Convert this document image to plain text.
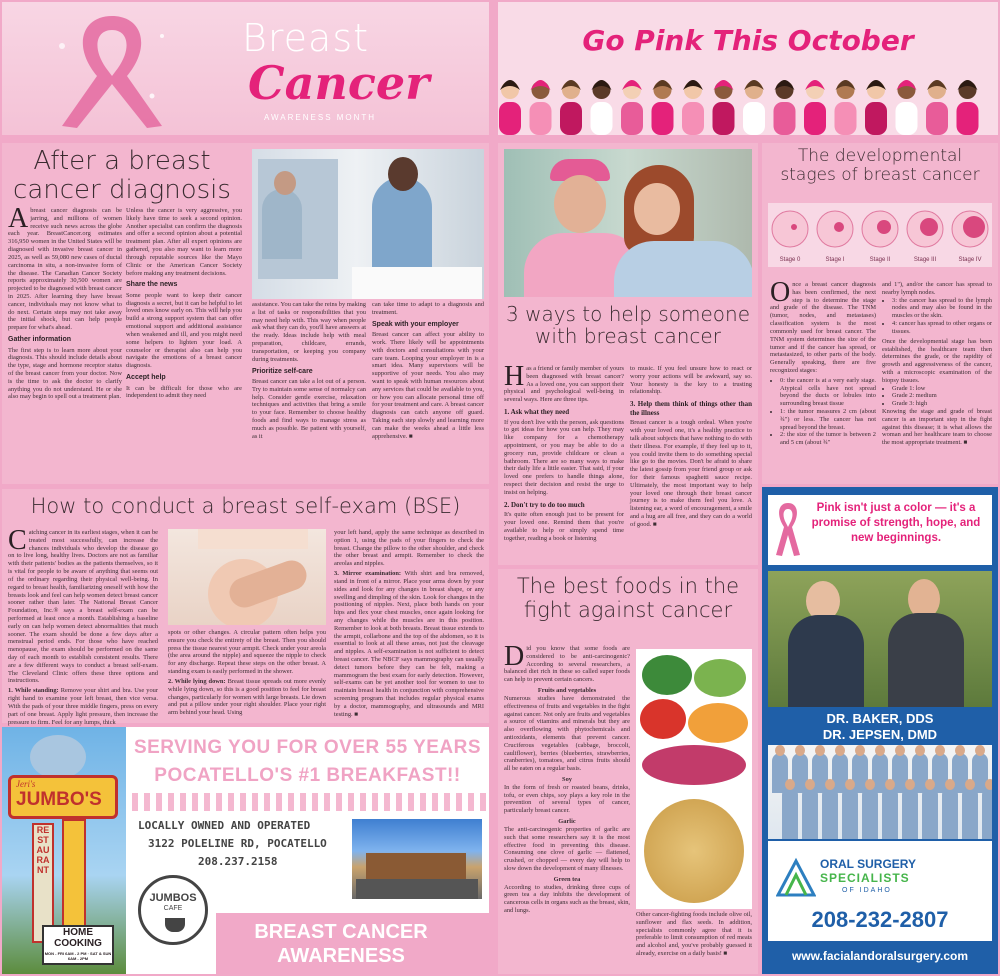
Breast
Cancer
AWARENESS MONTH
Go Pink This October
After a breast
cancer diagnosis
Abreast cancer diagnosis can be jarring, and millions of women receive such news across the globe each year. BreastCancer.org estimates 316,950 women in the United States will be diagnosed with invasive breast cancer in 2025, as well as 59,080 new cases of ductal carcinoma in situ, a non-invasive form of the disease. The Canadian Cancer Society reports approximately 30,500 women are projected to be diagnosed with breast cancer in 2025. After learning they have breast cancer, individuals may not know what to do next. Certain steps may not take away the initial shock, but can help people prepare for what's ahead.
Gather information
The first step is to learn more about your diagnosis. This should include details about the type, stage and hormone receptor status of the breast cancer from your doctor. Now is the time to ask the doctor to clarify anything you do not understand. He or she also may begin to spell out a treatment plan.
Unless the cancer is very aggressive, you likely have time to seek a second opinion. Another specialist can confirm the diagnosis and offer a second opinion about a potential treatment plan. After all expert opinions are gathered, you also may want to learn more through reputable sources like the Mayo Clinic or the American Cancer Society before making any treatment decisions.
Share the news
Some people want to keep their cancer diagnosis a secret, but it can be helpful to let loved ones know early on. This will help you build a strong support system that can offer emotional support and additional assistance when weakened and ill, and you might need some helpers to lighten your load. A counselor or therapist also can help you navigate the emotions of a breast cancer diagnosis.
Accept help
It can be difficult for those who are independent to admit they need
assistance. You can take the reins by making a list of tasks or responsibilities that you may need help with. This way when people ask what they can do, you'll have answers at the ready. Ideas include help with meal preparation, childcare, errands, transportation, or keeping you company during treatments.
Prioritize self-care
Breast cancer can take a lot out of a person. Try to maintain some sense of normalcy can help. Consider gentle exercise, relaxation techniques and activities that bring a smile to your face. Remember to choose healthy foods and find ways to manage stress as much as possible. Be patient with yourself, as it
can take time to adapt to a diagnosis and treatment.
Speak with your employer
Breast cancer can affect your ability to work. There likely will be appointments with doctors and consultations with your care team. Looping your employer in is a smart idea. Many supervisors will be supportive of your needs. You also may want to speak with human resources about any services that could be available to you, or how you can allocate personal time off for your treatment and care. A breast cancer diagnosis can catch anyone off guard. Taking each step slowly and learning more can make the weeks ahead a little less apprehensive. ■
3 ways to help someone
with breast cancer
Has a friend or family member of yours been diagnosed with breast cancer? As a loved one, you can support their physical and psychological well-being in several ways. Here are three tips.
1. Ask what they need
If you don't live with the person, ask questions to get ideas for how you can help. They may like company for a chemotherapy appointment, or you may be able to do a grocery run, provide childcare or clean a bathroom. There are so many ways to make their daily life a little easier. That said, if your loved one prefers to handle things alone, respect their decision and resist the urge to insist on helping.
2. Don't try to do too much
It's quite often enough just to be present for your loved one. Remind them that you're available to help or simply spend time together, reading a book or listening
to music. If you feel unsure how to react or worry your actions will be awkward, say so. Your honesty is the key to a trusting relationship.
3. Help them think of things other than the illness
Breast cancer is a tough ordeal. When you're with your loved one, it's a healthy practice to talk about subjects that have nothing to do with their illness. For example, if they feel up to it, you could invite them to do something special like go to the movies. Don't be afraid to share the latest gossip from your friend group or ask for their famous spaghetti sauce recipe. Ultimately, the most important way to help your loved one through their breast cancer journey is to make them feel you love. A listening ear, a word of encouragement, a smile and a hug are all free, and they can do a world of good. ■
The developmental
stages of breast cancer
Stage 0	Stage I	Stage II	Stage III	Stage IV
Once a breast cancer diagnosis has been confirmed, the next step is to determine the stage and grade of the disease. The TNM (tumor, nodes, and metastases) classification system is the most commonly used for breast cancer. The TNM system determines the size of the tumor and if the cancer has spread, or metastasized, to other parts of the body. Generally speaking, there are five recognized stages:
• 0: the cancer is at a very early stage. Atypical cells have not spread beyond the ducts or lobules into surrounding breast tissue
• 1: the tumor measures 2 cm (about ¾") or less. The cancer has not spread beyond the breast.
• 2: the size of the tumor is between 2 and 5 cm (about ¾"
and 1"), and/or the cancer has spread to nearby lymph nodes.
• 3: the cancer has spread to the lymph nodes and may also be found in the muscles or the skin.
• 4: cancer has spread to other organs or tissues.
Once the developmental stage has been established, the healthcare team then determines the grade, or the rapidity of growth and aggressiveness of the cancer, with a microscopic examination of the biopsy tissues.
• Grade 1: low
• Grade 2: medium
• Grade 3: high
Knowing the stage and grade of breast cancer is an important step in the fight against this disease; it is what allows the woman and her healthcare team to choose the most appropriate treatment. ■
How to conduct a breast self-exam (BSE)
Catching cancer in its earliest stages, when it can be treated most successfully, can increase the chances individuals who develop the disease go on to live long, healthy lives. Doctors are not as familiar with their patients' bodies as the patients themselves, so it is vital for people to be aware of anything that seems out of the ordinary regarding their physical well-being. In regard to breast health, familiarizing oneself with how the breasts look and feel can help women detect breast cancer sooner rather than later. The National Breast Cancer Foundation, Inc.® says a breast self-exam can be performed at least once a month. Establishing a baseline early on can help women detect abnormalities that much sooner. The exam should be done a few days after a menstrual period ends. For those who have reached menopause, the exam should be performed on the same day of each month to establish consistent results. There are a few different ways to conduct a breast self-exam. The Cleveland Clinic offers these three options and instructions.
1. While standing: Remove your shirt and bra. Use your right hand to examine your left breast, then vice versa. With the pads of your three middle fingers, press on every part of one breast. Apply light pressure, then increase the pressure to firm. Feel for any lumps, thick
spots or other changes. A circular pattern often helps you ensure you check the entirety of the breast. Then you should press the tissue nearest your armpit. Check under your areola (the area around the nipple) and squeeze the nipple to check for any discharge. Repeat these steps on the other breast. A standing exam is easily performed in the shower.
2. While lying down: Breast tissue spreads out more evenly while lying down, so this is a good position to feel for breast changes, particularly for women with large breasts. Lie down and put a pillow under your right shoulder. Place your right arm behind your head. Using
your left hand, apply the same technique as described in option 1, using the pads of your fingers to check the breast. Change the pillow to the other shoulder, and check the other breast and armpit. Remember to check the areolas and nipples.
3. Mirror examination: With shirt and bra removed, stand in front of a mirror. Place your arms down by your sides and look for any changes in breast shape, or any swelling and dimpling of the skin. Look for changes in the positioning of nipples. Next, place both hands on your hips and flex your chest muscles, once again looking for any changes while the muscles are in this position. Remember to look at both breasts. Breast tissue extends to the armpit, collarbone and the top of the abdomen, so it is essential to look at all these areas, not just the cleavage and nipples. A self-examination is not sufficient to detect breast cancer. The NBCF says mammography can usually detect tumors before they can be felt, making a mammogram the best exam for early detection. However, self-exams can be yet another tool for women to use to maintain breast health in conjunction with comprehensive screening program that includes regular physical exams by a doctor, mammography, and ultrasounds and MRI testing. ■
The best foods in the
fight against cancer
Did you know that some foods are considered to be anti-carcinogenic? According to several researchers, a balanced diet rich in these so called super foods can help to prevent certain cancers.
Fruits and vegetables
Numerous studies have demonstrated the effectiveness of fruits and vegetables in the fight against cancer. Not only are fruits and vegetables a source of vitamins and minerals but they are also overflowing with phytochemicals and antioxidants, elements that prevent cancer. Cruciferous vegetables (cabbage, broccoli, cauliflower), berries (blueberries, strawberries, cranberries), tomatoes, and citrus fruits should all be eaten on a regular basis.
Soy
In the form of fresh or roasted beans, drinks, tofu, or even chips, soy plays a key role in the prevention of several types of cancer, particularly breast cancer.
Garlic
The anti-carcinogenic properties of garlic are such that some researchers say it is the most effective food in preventing this disease. Consuming one clove of garlic — flattened, crushed, or chopped — every day will help to slow down the development of many illnesses.
Green tea
According to studies, drinking three cups of green tea a day inhibits the development of cancerous cells in organs such as the breast, skin, and lungs.
Other cancer-fighting foods include olive oil, sunflower and flax seeds. In addition, specialists commonly agree that it is preferable to limit consumption of red meats and alcohol and, you've probably guessed it already, exercise on a daily basis! ■
Jeri's
JUMBO'S
RESTAURANT
HOME
COOKING
MON - FRI 6AM - 2 PM · SAT & SUN 6AM - 2PM
SERVING YOU FOR OVER 55 YEARS
POCATELLO'S #1 BREAKFAST!!
LOCALLY OWNED AND OPERATED
3122 POLELINE RD, POCATELLO
208.237.2158
JUMBOS
CAFE
BREAST CANCER
AWARENESS
Pink isn't just a color — it's a promise of strength, hope, and new beginnings.
DR. BAKER, DDS
DR. JEPSEN, DMD
ORAL SURGERY
SPECIALISTS
OF IDAHO
208-232-2807
www.facialandoralsurgery.com
